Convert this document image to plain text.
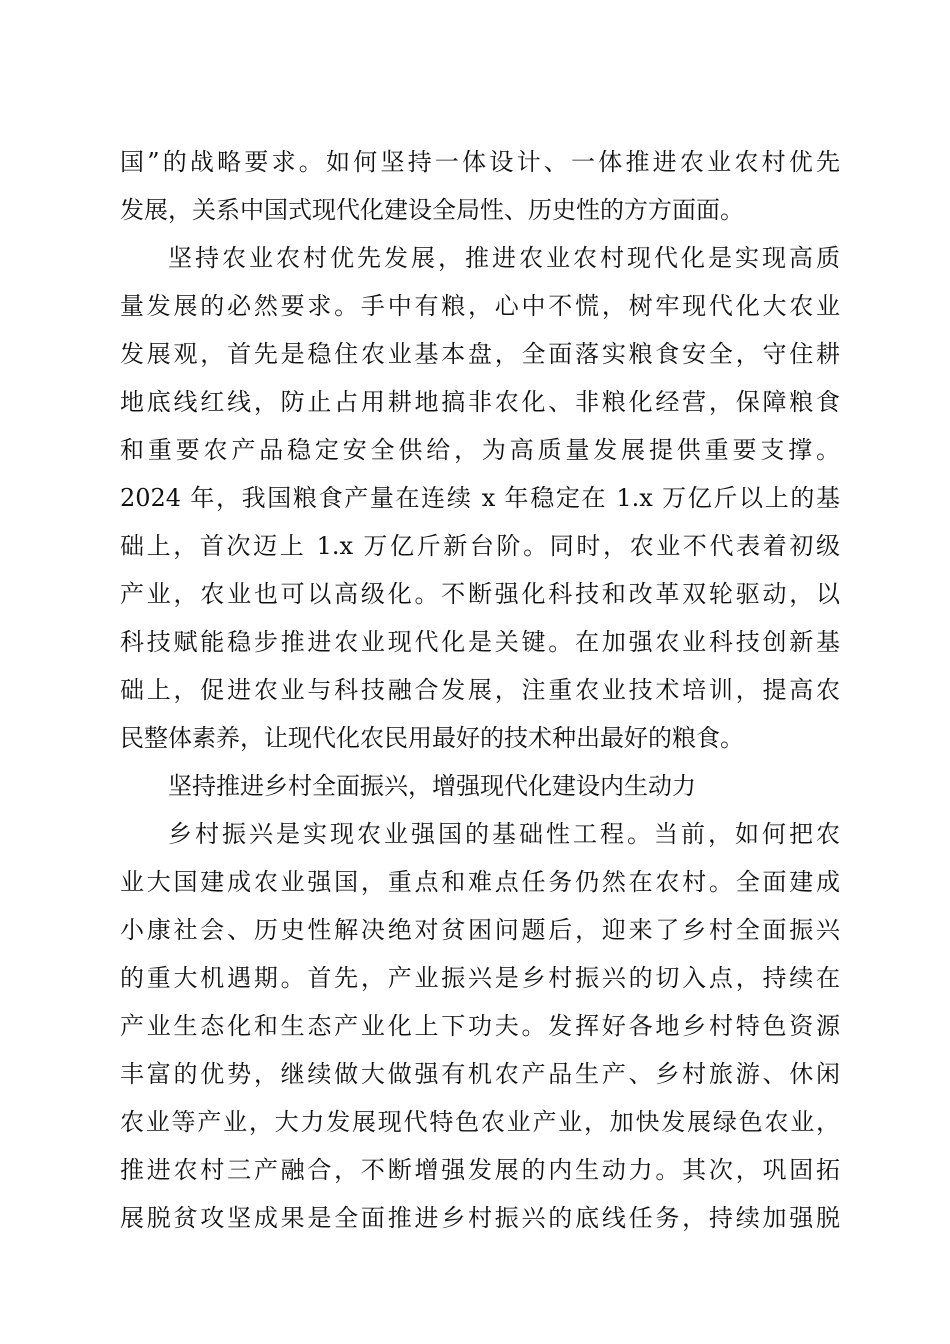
国”的战略要求。如何坚持一体设计、一体推进农业农村优先
发展，关系中国式现代化建设全局性、历史性的方方面面。
坚持农业农村优先发展，推进农业农村现代化是实现高质
量发展的必然要求。手中有粮，心中不慌，树牢现代化大农业
发展观，首先是稳住农业基本盘，全面落实粮食安全，守住耕
地底线红线，防止占用耕地搞非农化、非粮化经营，保障粮食
和重要农产品稳定安全供给，为高质量发展提供重要支撑。
2024 年，我国粮食产量在连续 x 年稳定在 1.x 万亿斤以上的基
础上，首次迈上 1.x 万亿斤新台阶。同时，农业不代表着初级
产业，农业也可以高级化。不断强化科技和改革双轮驱动，以
科技赋能稳步推进农业现代化是关键。在加强农业科技创新基
础上，促进农业与科技融合发展，注重农业技术培训，提高农
民整体素养，让现代化农民用最好的技术种出最好的粮食。
坚持推进乡村全面振兴，增强现代化建设内生动力
乡村振兴是实现农业强国的基础性工程。当前，如何把农
业大国建成农业强国，重点和难点任务仍然在农村。全面建成
小康社会、历史性解决绝对贫困问题后，迎来了乡村全面振兴
的重大机遇期。首先，产业振兴是乡村振兴的切入点，持续在
产业生态化和生态产业化上下功夫。发挥好各地乡村特色资源
丰富的优势，继续做大做强有机农产品生产、乡村旅游、休闲
农业等产业，大力发展现代特色农业产业，加快发展绿色农业，
推进农村三产融合，不断增强发展的内生动力。其次，巩固拓
展脱贫攻坚成果是全面推进乡村振兴的底线任务，持续加强脱
